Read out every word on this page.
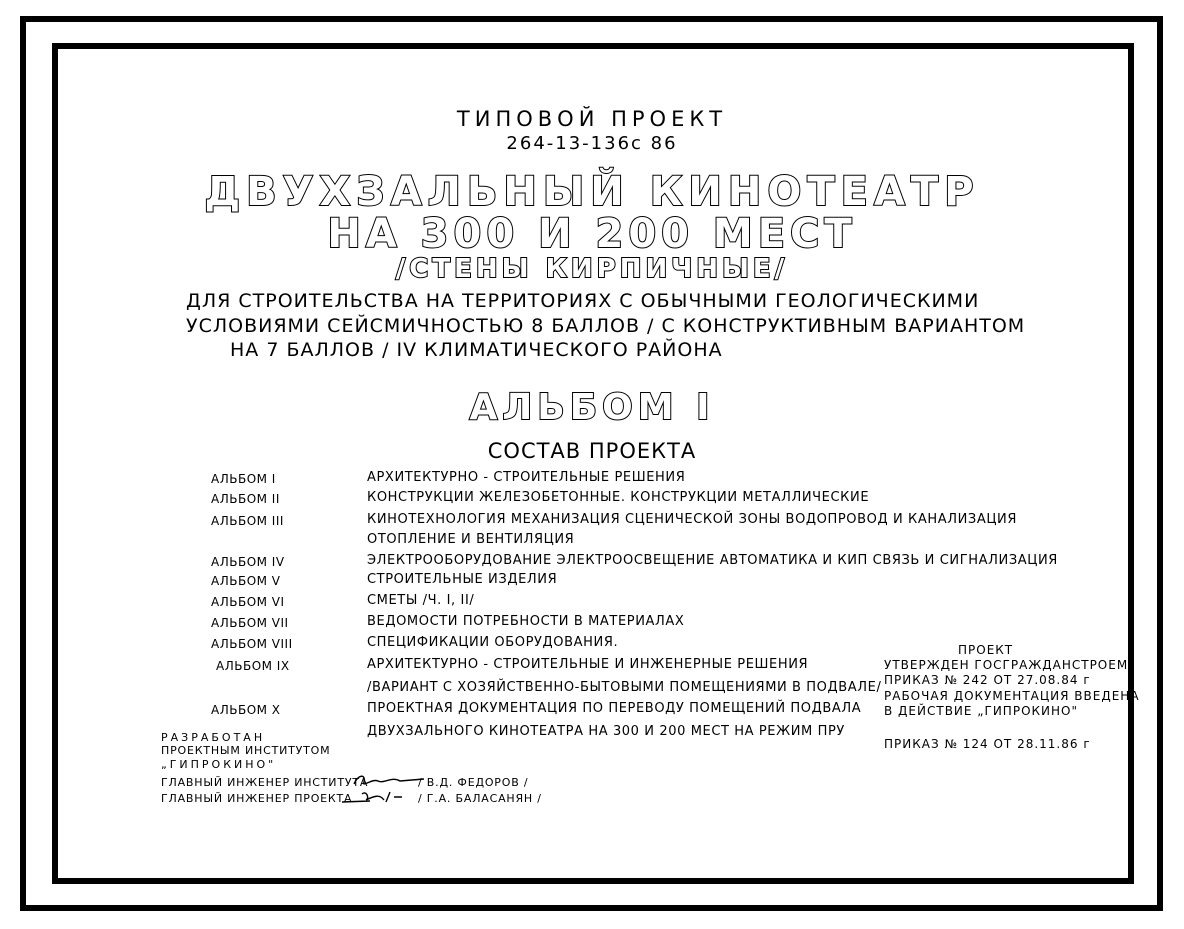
ТИПОВОЙ ПРОЕКТ
264-13-136с 86
ДВУХЗАЛЬНЫЙ КИНОТЕАТР
НА 300 И 200 МЕСТ
/СТЕНЫ КИРПИЧНЫЕ/
ДЛЯ СТРОИТЕЛЬСТВА НА ТЕРРИТОРИЯХ С ОБЫЧНЫМИ ГЕОЛОГИЧЕСКИМИ
УСЛОВИЯМИ СЕЙСМИЧНОСТЬЮ 8 БАЛЛОВ / С КОНСТРУКТИВНЫМ ВАРИАНТОМ
НА 7 БАЛЛОВ / IV КЛИМАТИЧЕСКОГО РАЙОНА
АЛЬБОМ I
СОСТАВ ПРОЕКТА
АЛЬБОМ I	АРХИТЕКТУРНО - СТРОИТЕЛЬНЫЕ РЕШЕНИЯ
АЛЬБОМ II	КОНСТРУКЦИИ ЖЕЛЕЗОБЕТОННЫЕ. КОНСТРУКЦИИ МЕТАЛЛИЧЕСКИЕ
АЛЬБОМ III	КИНОТЕХНОЛОГИЯ МЕХАНИЗАЦИЯ СЦЕНИЧЕСКОЙ ЗОНЫ ВОДОПРОВОД И КАНАЛИЗАЦИЯ
ОТОПЛЕНИЕ И ВЕНТИЛЯЦИЯ
АЛЬБОМ IV	ЭЛЕКТРООБОРУДОВАНИЕ ЭЛЕКТРООСВЕЩЕНИЕ АВТОМАТИКА И КИП СВЯЗЬ И СИГНАЛИЗАЦИЯ
АЛЬБОМ V	СТРОИТЕЛЬНЫЕ ИЗДЕЛИЯ
АЛЬБОМ VI	СМЕТЫ /Ч. I, II/
АЛЬБОМ VII	ВЕДОМОСТИ ПОТРЕБНОСТИ В МАТЕРИАЛАХ
АЛЬБОМ VIII	СПЕЦИФИКАЦИИ ОБОРУДОВАНИЯ.
АЛЬБОМ IX	АРХИТЕКТУРНО - СТРОИТЕЛЬНЫЕ И ИНЖЕНЕРНЫЕ РЕШЕНИЯ
/ВАРИАНТ С ХОЗЯЙСТВЕННО-БЫТОВЫМИ ПОМЕЩЕНИЯМИ В ПОДВАЛЕ/
АЛЬБОМ X	ПРОЕКТНАЯ ДОКУМЕНТАЦИЯ ПО ПЕРЕВОДУ ПОМЕЩЕНИЙ ПОДВАЛА
ДВУХЗАЛЬНОГО КИНОТЕАТРА НА 300 И 200 МЕСТ НА РЕЖИМ ПРУ
ПРОЕКТ
УТВЕРЖДЕН ГОСГРАЖДАНСТРОЕМ
ПРИКАЗ № 242 ОТ 27.08.84 г
РАБОЧАЯ ДОКУМЕНТАЦИЯ ВВЕДЕНА
В ДЕЙСТВИЕ „ГИПРОКИНО"
ПРИКАЗ № 124 ОТ 28.11.86 г
РАЗРАБОТАН
ПРОЕКТНЫМ ИНСТИТУТОМ
„ГИПРОКИНО"
ГЛАВНЫЙ ИНЖЕНЕР ИНСТИТУТА	/ В.Д. ФЕДОРОВ /
ГЛАВНЫЙ ИНЖЕНЕР ПРОЕКТА	/ Г.А. БАЛАСАНЯН /
